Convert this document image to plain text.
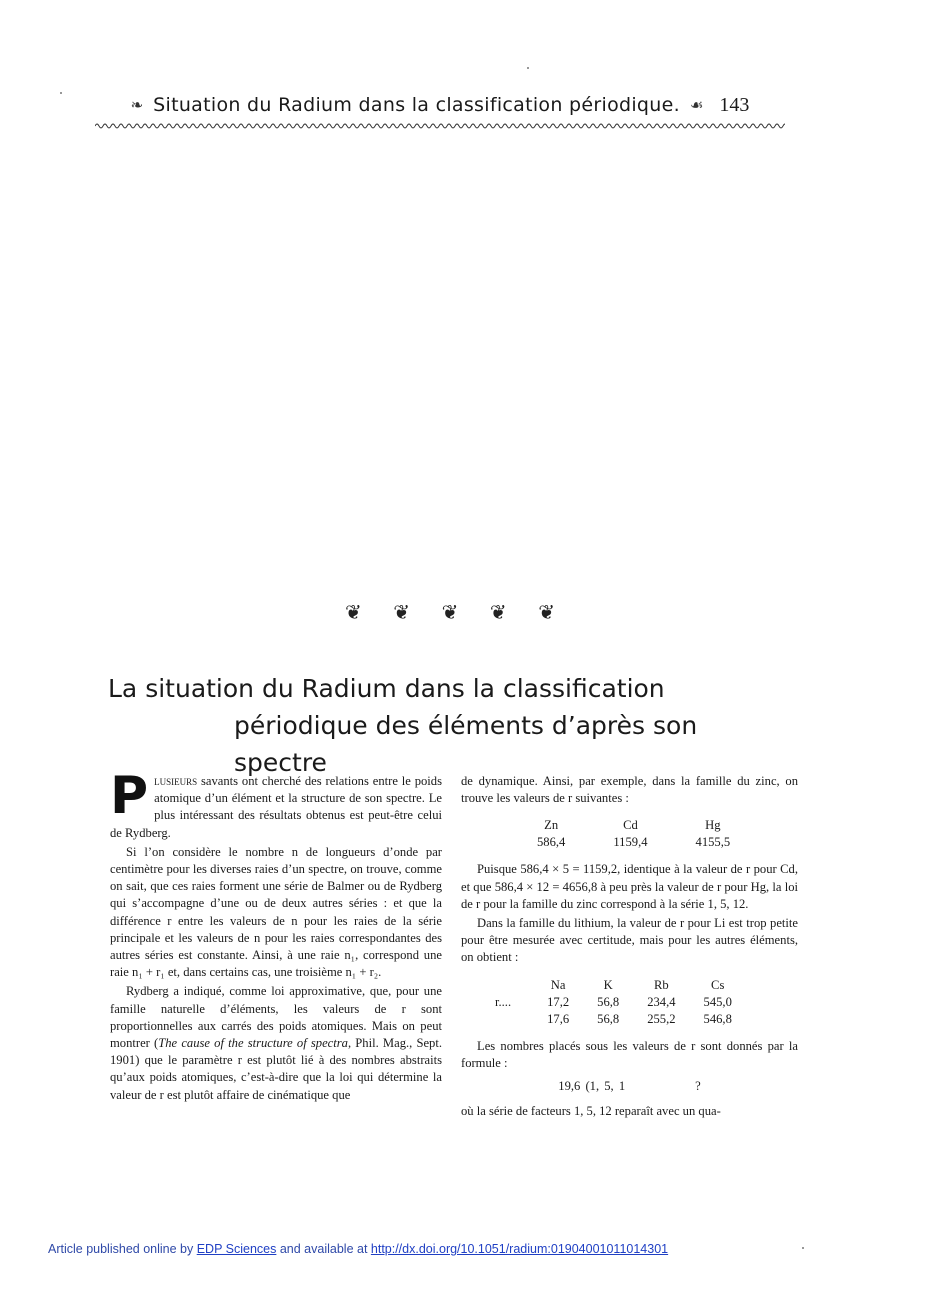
❧ Situation du Radium dans la classification périodique. ☙ 143
❦ ❦ ❦ ❦ ❦
La situation du Radium dans la classification
périodique des éléments d’après son spectre

Plusieurs savants ont cherché des relations entre le poids atomique d’un élément et la structure de son spectre. Le plus intéressant des résultats obtenus est peut-être celui de Rydberg.

Si l’on considère le nombre n de longueurs d’onde par centimètre pour les diverses raies d’un spectre, on trouve, comme on sait, que ces raies forment une série de Balmer ou de Rydberg qui s’accompagne d’une ou de deux autres séries : et que la différence r entre les valeurs de n pour les raies de la série principale et les valeurs de n pour les raies correspondantes des autres séries est constante. Ainsi, à une raie n₁, correspond une raie n₁ + r₁ et, dans certains cas, une troisième n₁ + r₂.

Rydberg a indiqué, comme loi approximative, que, pour une famille naturelle d’éléments, les valeurs de r sont proportionnelles aux carrés des poids atomiques. Mais on peut montrer (The cause of the structure of spectra, Phil. Mag., Sept. 1901) que le paramètre r est plutôt lié à des nombres abstraits qu’aux poids atomiques, c’est-à-dire que la loi qui détermine la valeur de r est plutôt affaire de cinématique que

de dynamique. Ainsi, par exemple, dans la famille du zinc, on trouve les valeurs de r suivantes :

Zn	Cd	Hg
586,4	1159,4	4155,5

Puisque 586,4 × 5 = 1159,2, identique à la valeur de r pour Cd, et que 586,4 × 12 = 4656,8 à peu près la valeur de r pour Hg, la loi de r pour la famille du zinc correspond à la série 1, 5, 12.

Dans la famille du lithium, la valeur de r pour Li est trop petite pour être mesurée avec certitude, mais pour les autres éléments, on obtient :

	Na	K	Rb	Cs
r....	17,2	56,8	234,4	545,0
	17,6	56,8	255,2	546,8

Les nombres placés sous les valeurs de r sont donnés par la formule :

19,6 (1, 5, 1	?

où la série de facteurs 1, 5, 12 reparaît avec un qua-

Article published online by EDP Sciences and available at http://dx.doi.org/10.1051/radium:01904001011014301
